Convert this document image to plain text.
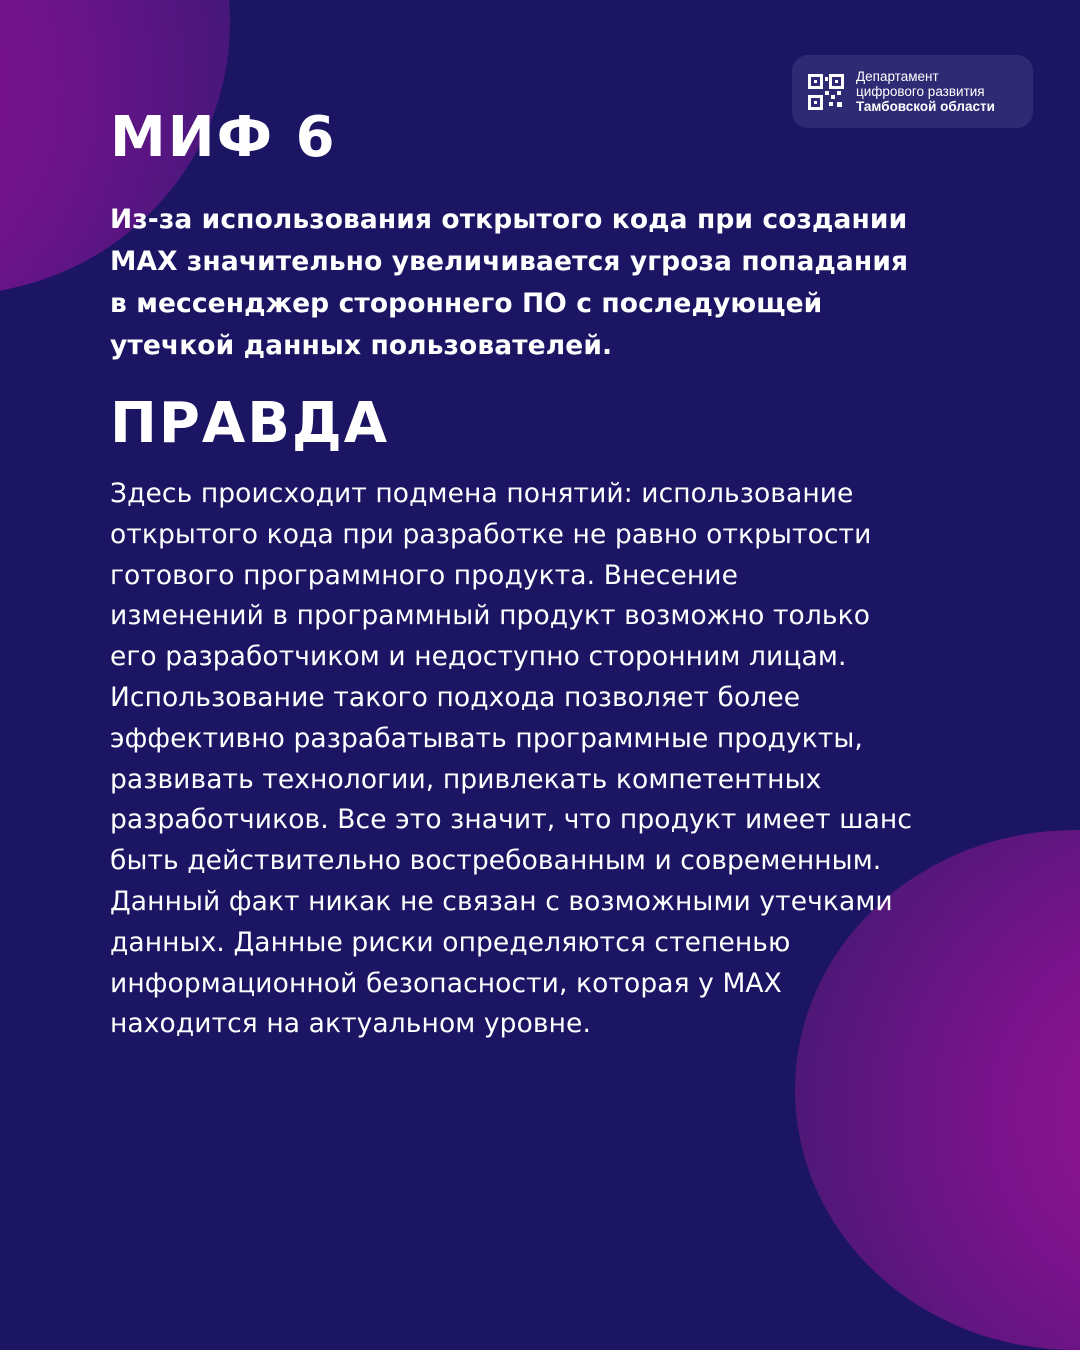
Департамент
цифрового развития
Тамбовской области
МИФ 6

Из-за использования открытого кода при создании
МАХ значительно увеличивается угроза попадания
в мессенджер стороннего ПО с последующей
утечкой данных пользователей.

ПРАВДА

Здесь происходит подмена понятий: использование
открытого кода при разработке не равно открытости
готового программного продукта. Внесение
изменений в программный продукт возможно только
его разработчиком и недоступно сторонним лицам.
Использование такого подхода позволяет более
эффективно разрабатывать программные продукты,
развивать технологии, привлекать компетентных
разработчиков. Все это значит, что продукт имеет шанс
быть действительно востребованным и современным.
Данный факт никак не связан с возможными утечками
данных. Данные риски определяются степенью
информационной безопасности, которая у МАХ
находится на актуальном уровне.
